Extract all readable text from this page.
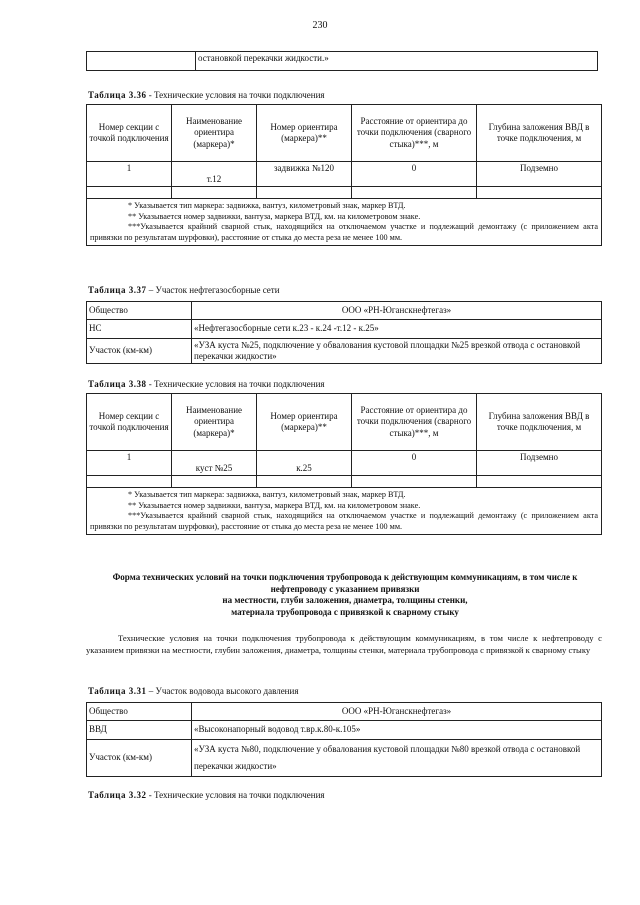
230
	остановкой перекачки жидкости.»
Таблица 3.36 - Технические условия на точки подключения
Номер секции с точкой подключения	Наименование ориентира (маркера)*	Номер ориентира (маркера)**	Расстояние от ориентира до точки подключения (сварного стыка)***, м	Глубина заложения ВВД в точке подключения, м
1	т.12	задвижка №120	0	Подземно

* Указывается тип маркера: задвижка, вантуз, километровый знак, маркер ВТД.

** Указывается номер задвижки, вантуза, маркера ВТД, км. на километровом знаке.

***Указывается крайний сварной стык, находящийся на отключаемом участке и подлежащий демонтажу (с приложением акта привязки по результатам шурфовки), расстояние от стыка до места реза не менее 100 мм.				

Таблица 3.37 – Участок нефтегазосборные сети
Общество	ООО «РН-Юганскнефтегаз»
НС	«Нефтегазосборные сети к.23 - к.24 -т.12 - к.25»
Участок (км-км)	«УЗА куста №25, подключение у обвалования кустовой площадки №25 врезкой отвода с остановкой перекачки жидкости»
Таблица 3.38 - Технические условия на точки подключения
Номер секции с точкой подключения	Наименование ориентира (маркера)*	Номер ориентира (маркера)**	Расстояние от ориентира до точки подключения (сварного стыка)***, м	Глубина заложения ВВД в точке подключения, м
1	куст №25	к.25	0	Подземно

* Указывается тип маркера: задвижка, вантуз, километровый знак, маркер ВТД.

** Указывается номер задвижки, вантуза, маркера ВТД, км. на километровом знаке.

***Указывается крайний сварной стык, находящийся на отключаемом участке и подлежащий демонтажу (с приложением акта привязки по результатам шурфовки), расстояние от стыка до места реза не менее 100 мм.				

Форма технических условий на точки подключения трубопровода к действующим коммуникациям, в том числе к нефтепроводу с указанием привязки
на местности, глуби заложения, диаметра, толщины стенки,
материала трубопровода с привязкой к сварному стыку
Технические условия на точки подключения трубопровода к действующим коммуникациям, в том числе к нефтепроводу с указанием привязки на местности, глубин заложения, диаметра, толщины стенки, материала трубопровода с привязкой к сварному стыку
Таблица 3.31 – Участок водовода высокого давления
Общество	ООО «РН-Юганскнефтегаз»
ВВД	«Высоконапорный водовод т.вр.к.80-к.105»
Участок (км-км)	«УЗА куста №80, подключение у обвалования кустовой площадки №80 врезкой отвода с остановкой перекачки жидкости»
Таблица 3.32 - Технические условия на точки подключения
